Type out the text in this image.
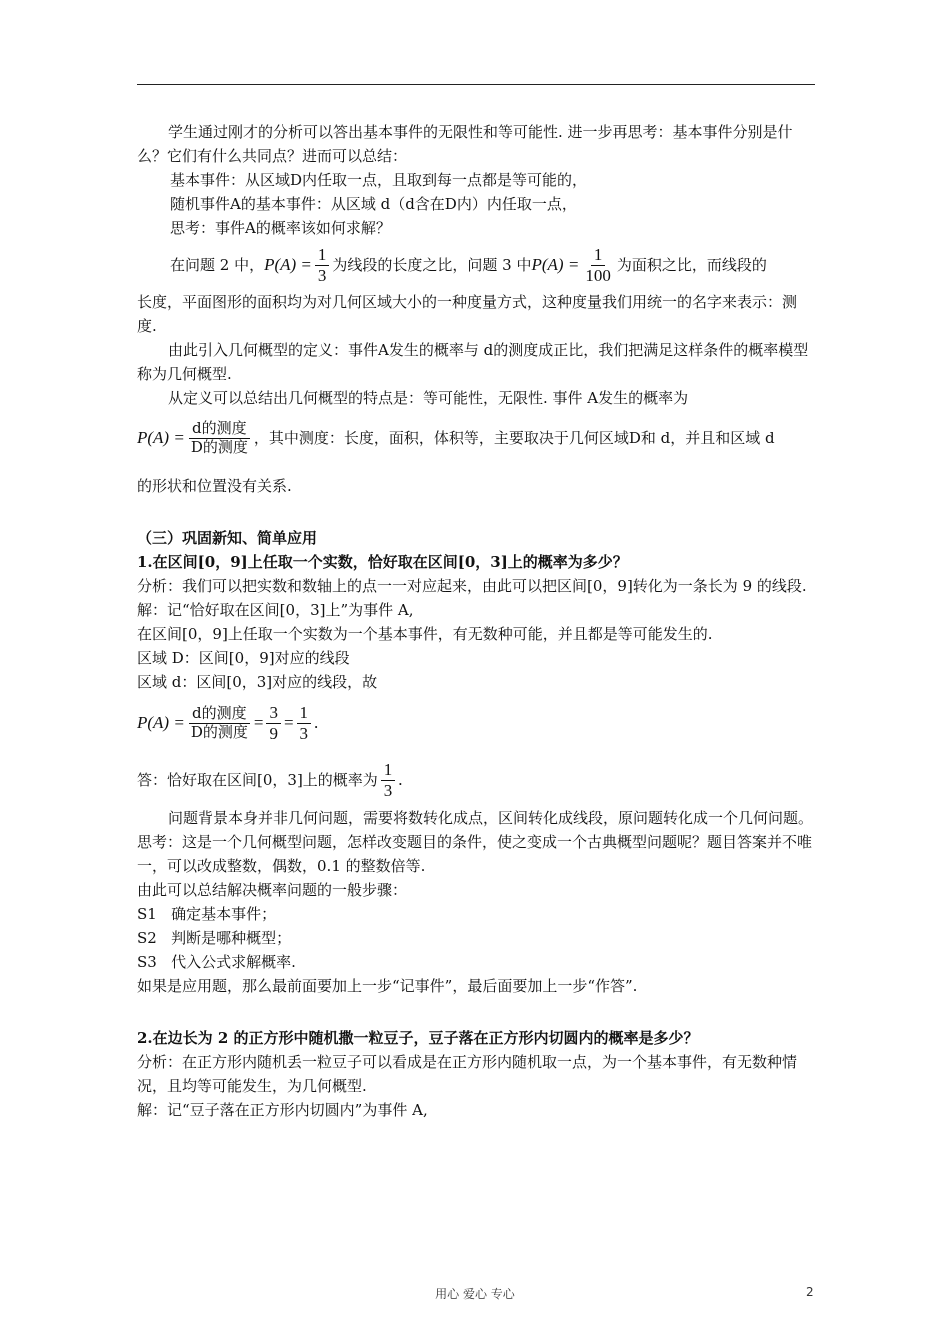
学生通过刚才的分析可以答出基本事件的无限性和等可能性. 进一步再思考：基本事件分别是什么？它们有什么共同点？进而可以总结：

基本事件：从区域D内任取一点，且取到每一点都是等可能的，

随机事件A的基本事件：从区域 d（d含在D内）内任取一点，

思考：事件A的概率该如何求解？

在问题 2 中， $P(A) = \frac{1}{3}$ 为线段的长度之比，问题 3 中 $P(A) = \frac{1}{100}$ 为面积之比，而线段的

长度，平面图形的面积均为对几何区域大小的一种度量方式，这种度量我们用统一的名字来表示：测度.

由此引入几何概型的定义：事件A发生的概率与 d的测度成正比，我们把满足这样条件的概率模型称为几何概型.

从定义可以总结出几何概型的特点是：等可能性，无限性. 事件 A发生的概率为

$P(A) = \frac{\text{d的测度}}{\text{D的测度}}$ ，其中测度：长度，面积，体积等，主要取决于几何区域D和 d，并且和区域 d

的形状和位置没有关系.

（三）巩固新知、简单应用

1.在区间[0，9]上任取一个实数，恰好取在区间[0，3]上的概率为多少？

分析：我们可以把实数和数轴上的点一一对应起来，由此可以把区间[0，9]转化为一条长为 9 的线段.

解：记“恰好取在区间[0，3]上”为事件 A,

在区间[0，9]上任取一个实数为一个基本事件，有无数种可能，并且都是等可能发生的.

区域 D：区间[0，9]对应的线段

区域 d：区间[0，3]对应的线段，故

$P(A) = \frac{\text{d的测度}}{\text{D的测度}} = \frac{3}{9} = \frac{1}{3}$ .
答：恰好取在区间[0，3]上的概率为 $\frac{1}{3}$ .

问题背景本身并非几何问题，需要将数转化成点，区间转化成线段，原问题转化成一个几何问题。

思考：这是一个几何概型问题，怎样改变题目的条件，使之变成一个古典概型问题呢？题目答案并不唯一，可以改成整数，偶数，0.1 的整数倍等.

由此可以总结解决概率问题的一般步骤：

S1   确定基本事件；

S2   判断是哪种概型；

S3   代入公式求解概率.

如果是应用题，那么最前面要加上一步“记事件”，最后面要加上一步“作答”.

2.在边长为 2 的正方形中随机撒一粒豆子，豆子落在正方形内切圆内的概率是多少？

分析：在正方形内随机丢一粒豆子可以看成是在正方形内随机取一点，为一个基本事件，有无数种情况，且均等可能发生，为几何概型.

解：记“豆子落在正方形内切圆内”为事件 A,

用心 爱心 专心	2
